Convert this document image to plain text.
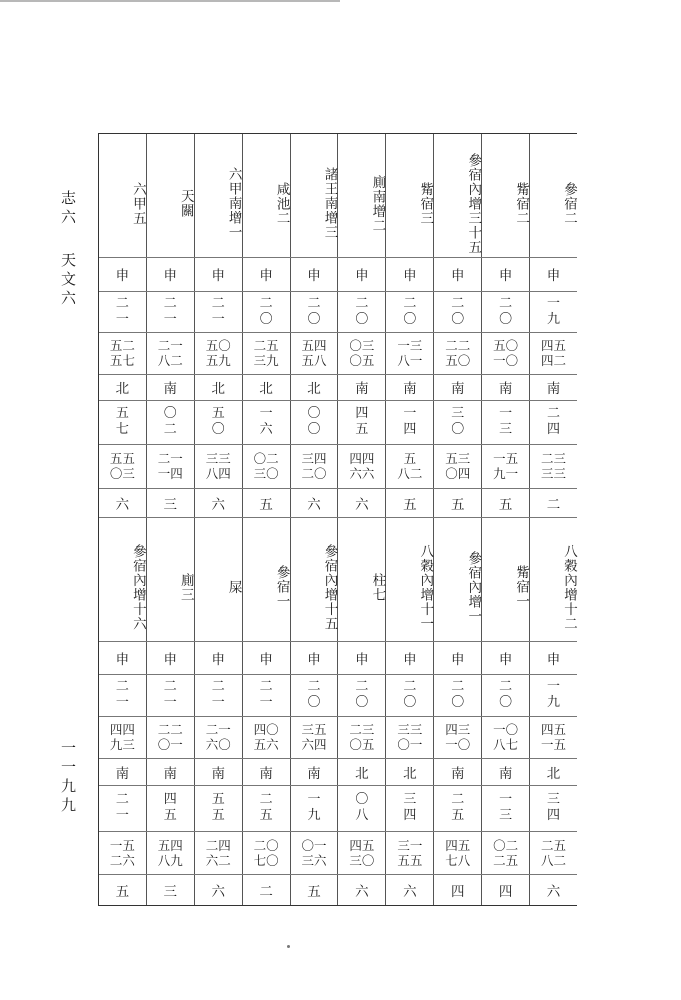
志六
天文六
一一九九
參宿二
申
一
九
四五
四二
南
二
四
二三
三三
二
八穀內增十二
申
一
九
四五
一五
北
三
四
二五
八二
六
觜宿二
申
二
〇
五〇
一〇
南
一
三
一五
九一
五
觜宿一
申
二
〇
一〇
八七
南
一
三
〇二
二五
四
參宿內增三十五
申
二
〇
二二
五〇
南
三
〇
五三
〇四
五
參宿內增一
申
二
〇
四三
一〇
南
二
五
四五
七八
四
觜宿三
申
二
〇
一三
八一
南
一
四
五
八二
五
八穀內增十一
申
二
〇
三三
〇一
北
三
四
三一
五五
六
廁南增二
申
二
〇
〇三
〇五
南
四
五
四四
六六
六
柱七
申
二
〇
二三
〇五
北
〇
八
四五
三〇
六
諸王南增三
申
二
〇
五四
五八
北
〇
〇
三四
二〇
六
參宿內增十五
申
二
〇
三五
六四
南
一
九
〇一
三六
五
咸池二
申
二
〇
二五
三九
北
一
六
〇二
三〇
五
參宿一
申
二
一
四〇
五六
南
二
五
二〇
七〇
二
六甲南增一
申
二
一
五〇
五九
北
五
〇
三三
八四
六
屎
申
二
一
二一
六〇
南
五
五
二四
六二
六
天關
申
二
一
二一
八二
南
〇
二
二一
一四
三
廁三
申
二
一
二二
〇一
南
四
五
五四
八九
三
六甲五
申
二
一
五二
五七
北
五
七
五五
〇三
六
參宿內增十六
申
二
一
四四
九三
南
二
一
一五
二六
五
